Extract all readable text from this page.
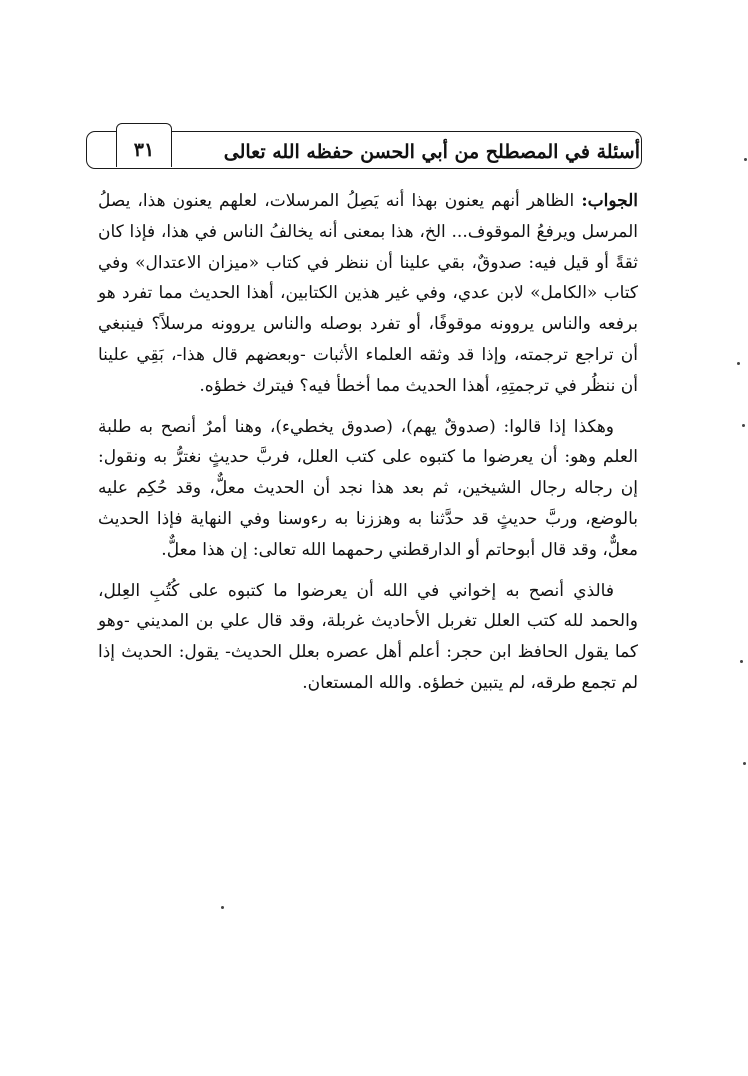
٣١	أسئلة في المصطلح من أبي الحسن حفظه الله تعالى

الجواب: الظاهر أنهم يعنون بهذا أنه يَصِلُ المرسلات، لعلهم يعنون هذا، يصلُ المرسل ويرفعُ الموقوف... الخ، هذا بمعنى أنه يخالفُ الناس في هذا، فإذا كان ثقةً أو قيل فيه: صدوقٌ، بقي علينا أن ننظر في كتاب «ميزان الاعتدال» وفي كتاب «الكامل» لابن عدي، وفي غير هذين الكتابين، أهذا الحديث مما تفرد هو برفعه والناس يروونه موقوفًا، أو تفرد بوصله والناس يروونه مرسلاً؟ فينبغي أن تراجع ترجمته، وإذا قد وثقه العلماء الأثبات -وبعضهم قال هذا-، بَقِي علينا أن ننظُر في ترجمتِهِ، أهذا الحديث مما أخطأ فيه؟ فيترك خطؤه.

وهكذا إذا قالوا: (صدوقٌ يهم)، (صدوق يخطيء)، وهنا أمرٌ أنصح به طلبة العلم وهو: أن يعرضوا ما كتبوه على كتب العلل، فربَّ حديثٍ نغترُّ به ونقول: إن رجاله رجال الشيخين، ثم بعد هذا نجد أن الحديث معلٌّ، وقد حُكِم عليه بالوضع، وربَّ حديثٍ قد حدَّثنا به وهززنا به رءوسنا وفي النهاية فإذا الحديث معلٌّ، وقد قال أبوحاتم أو الدارقطني رحمهما الله تعالى: إن هذا معلٌّ.

فالذي أنصح به إخواني في الله أن يعرضوا ما كتبوه على كُتُبِ العِلل، والحمد لله كتب العلل تغربل الأحاديث غربلة، وقد قال علي بن المديني -وهو كما يقول الحافظ ابن حجر: أعلم أهل عصره بعلل الحديث- يقول: الحديث إذا لم تجمع طرقه، لم يتبين خطؤه. والله المستعان.
